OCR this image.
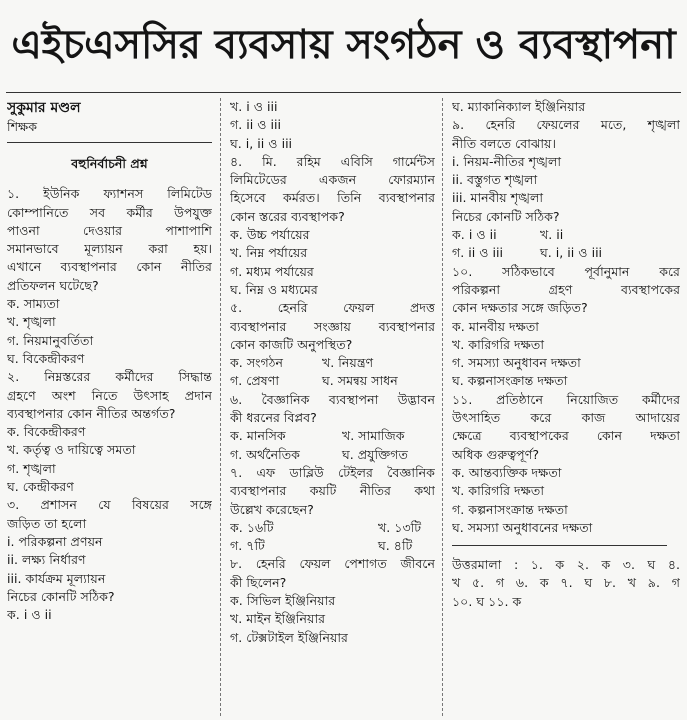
এইচএসসির ব্যবসায় সংগঠন ও ব্যবস্থাপনা
সুকুমার মণ্ডল
শিক্ষক
বহুনির্বাচনী প্রশ্ন
১. ইউনিক ফ্যাশনস লিমিটেড
কোম্পানিতে সব কর্মীর উপযুক্ত
পাওনা দেওয়ার পাশাপাশি
সমানভাবে মূল্যায়ন করা হয়।
এখানে ব্যবস্থাপনার কোন নীতির
প্রতিফলন ঘটেছে?
ক. সাম্যতা
খ. শৃঙ্খলা
গ. নিয়মানুবর্তিতা
ঘ. বিকেন্দ্রীকরণ
২. নিম্নস্তরের কর্মীদের সিদ্ধান্ত
গ্রহণে অংশ নিতে উৎসাহ প্রদান
ব্যবস্থাপনার কোন নীতির অন্তর্গত?
ক. বিকেন্দ্রীকরণ
খ. কর্তৃত্ব ও দায়িত্বে সমতা
গ. শৃঙ্খলা
ঘ. কেন্দ্রীকরণ
৩. প্রশাসন যে বিষয়ের সঙ্গে
জড়িত তা হলো
i. পরিকল্পনা প্রণয়ন
ii. লক্ষ্য নির্ধারণ
iii. কার্যক্রম মূল্যায়ন
নিচের কোনটি সঠিক?
ক. i ও ii
খ. i ও iii
গ. ii ও iii
ঘ. i, ii ও iii
৪. মি. রহিম এবিসি গার্মেন্টস
লিমিটেডের একজন ফোরম্যান
হিসেবে কর্মরত। তিনি ব্যবস্থাপনার
কোন স্তরের ব্যবস্থাপক?
ক. উচ্চ পর্যায়ের
খ. নিম্ন পর্যায়ের
গ. মধ্যম পর্যায়ের
ঘ. নিম্ন ও মধ্যমের
৫. হেনরি ফেয়ল প্রদত্ত
ব্যবস্থাপনার সংজ্ঞায় ব্যবস্থাপনার
কোন কাজটি অনুপস্থিত?
ক. সংগঠন	খ. নিয়ন্ত্রণ
গ. প্রেষণা	ঘ. সমন্বয় সাধন
৬. বৈজ্ঞানিক ব্যবস্থাপনা উদ্ভাবন
কী ধরনের বিপ্লব?
ক. মানসিক	খ. সামাজিক
গ. অর্থনৈতিক	ঘ. প্রযুক্তিগত
৭. এফ ডাব্লিউ টেইলর বৈজ্ঞানিক
ব্যবস্থাপনার কয়টি নীতির কথা
উল্লেখ করেছেন?
ক. ১৬টি	খ. ১৩টি
গ. ৭টি	ঘ. ৪টি
৮. হেনরি ফেয়ল পেশাগত জীবনে
কী ছিলেন?
ক. সিভিল ইঞ্জিনিয়ার
খ. মাইন ইঞ্জিনিয়ার
গ. টেক্সটাইল ইঞ্জিনিয়ার
ঘ. ম্যাকানিক্যাল ইঞ্জিনিয়ার
৯. হেনরি ফেয়লের মতে, শৃঙ্খলা
নীতি বলতে বোঝায়।
i. নিয়ম-নীতির শৃঙ্খলা
ii. বস্তুগত শৃঙ্খলা
iii. মানবীয় শৃঙ্খলা
নিচের কোনটি সঠিক?
ক. i ও ii	খ. ii
গ. ii ও iii	ঘ. i, ii ও iii
১০. সঠিকভাবে পূর্বানুমান করে
পরিকল্পনা গ্রহণ ব্যবস্থাপকের
কোন দক্ষতার সঙ্গে জড়িত?
ক. মানবীয় দক্ষতা
খ. কারিগরি দক্ষতা
গ. সমস্যা অনুধাবন দক্ষতা
ঘ. কল্পনাসংক্রান্ত দক্ষতা
১১. প্রতিষ্ঠানে নিয়োজিত কর্মীদের
উৎসাহিত করে কাজ আদায়ের
ক্ষেত্রে ব্যবস্থাপকের কোন দক্ষতা
অধিক গুরুত্বপূর্ণ?
ক. আন্তব্যক্তিক দক্ষতা
খ. কারিগরি দক্ষতা
গ. কল্পনাসংক্রান্ত দক্ষতা
ঘ. সমস্যা অনুধাবনের দক্ষতা
উত্তরমালা : ১. ক ২. ক ৩. ঘ ৪.
খ ৫. গ ৬. ক ৭. ঘ ৮. খ ৯. গ
১০. ঘ ১১. ক
